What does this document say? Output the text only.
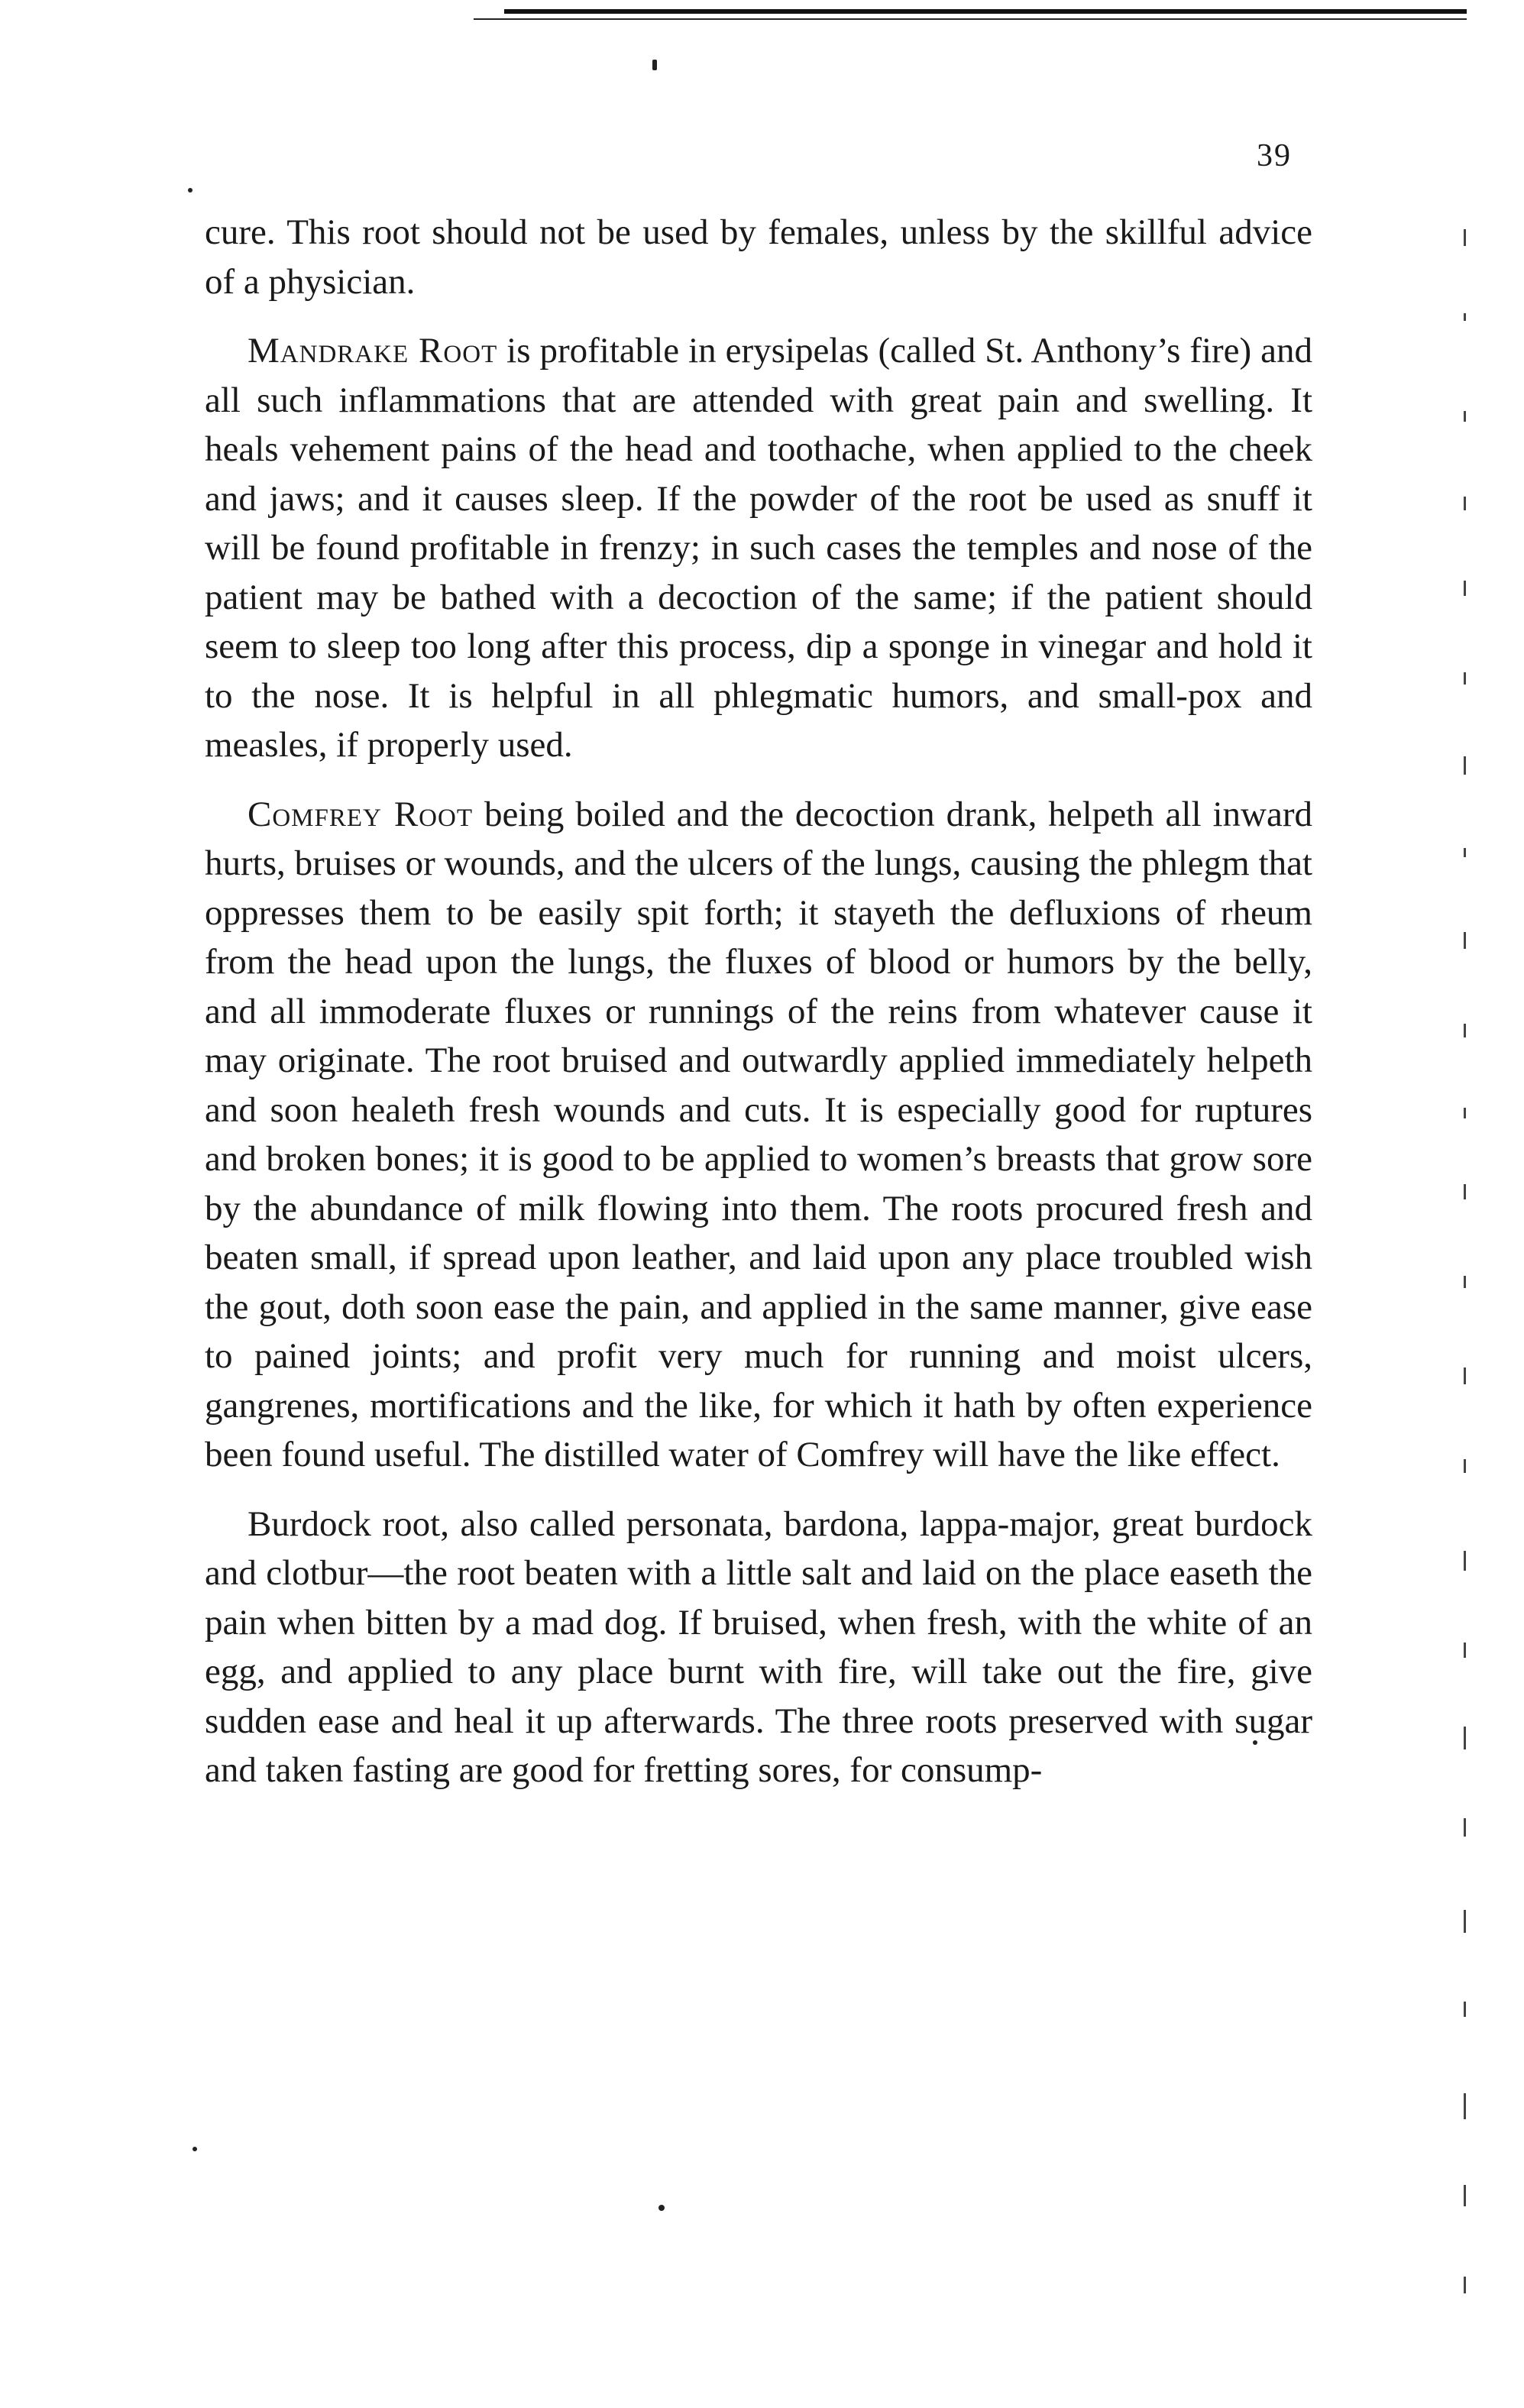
39

cure. This root should not be used by females, unless by the skillful advice of a physician.

Mandrake Root is profitable in erysipelas (called St. Anthony’s fire) and all such inflammations that are attended with great pain and swelling. It heals vehement pains of the head and toothache, when applied to the cheek and jaws; and it causes sleep. If the powder of the root be used as snuff it will be found profitable in frenzy; in such cases the temples and nose of the patient may be bathed with a decoction of the same; if the patient should seem to sleep too long after this process, dip a sponge in vinegar and hold it to the nose. It is helpful in all phlegmatic humors, and small-pox and measles, if properly used.

Comfrey Root being boiled and the decoction drank, helpeth all inward hurts, bruises or wounds, and the ulcers of the lungs, causing the phlegm that oppresses them to be easily spit forth; it stayeth the defluxions of rheum from the head upon the lungs, the fluxes of blood or humors by the belly, and all immoderate fluxes or runnings of the reins from whatever cause it may originate. The root bruised and outwardly applied immediately helpeth and soon healeth fresh wounds and cuts. It is especially good for ruptures and broken bones; it is good to be applied to women’s breasts that grow sore by the abundance of milk flowing into them. The roots procured fresh and beaten small, if spread upon leather, and laid upon any place troubled wish the gout, doth soon ease the pain, and applied in the same manner, give ease to pained joints; and profit very much for running and moist ulcers, gangrenes, mortifications and the like, for which it hath by often experience been found useful. The distilled water of Comfrey will have the like effect.

Burdock root, also called personata, bardona, lappa-major, great burdock and clotbur—the root beaten with a little salt and laid on the place easeth the pain when bitten by a mad dog. If bruised, when fresh, with the white of an egg, and applied to any place burnt with fire, will take out the fire, give sudden ease and heal it up afterwards. The three roots preserved with sugar and taken fasting are good for fretting sores, for consump-
